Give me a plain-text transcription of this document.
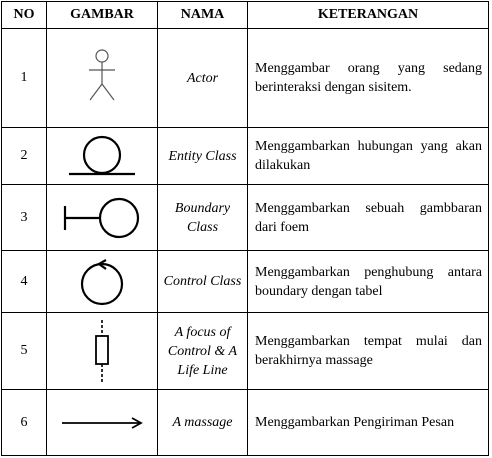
NO	GAMBAR	NAMA	KETERANGAN
1		Actor	Menggambar orang yang sedang berinteraksi dengan sisitem.
2		Entity Class	Menggambarkan hubungan yang akan dilakukan
3		Boundary Class	Menggambarkan sebuah gambbaran dari foem
4		Control Class	Menggambarkan penghubung antara boundary dengan tabel
5		A focus of Control & A Life Line	Menggambarkan tempat mulai dan berakhirnya massage
6		A massage	Menggambarkan Pengiriman Pesan
